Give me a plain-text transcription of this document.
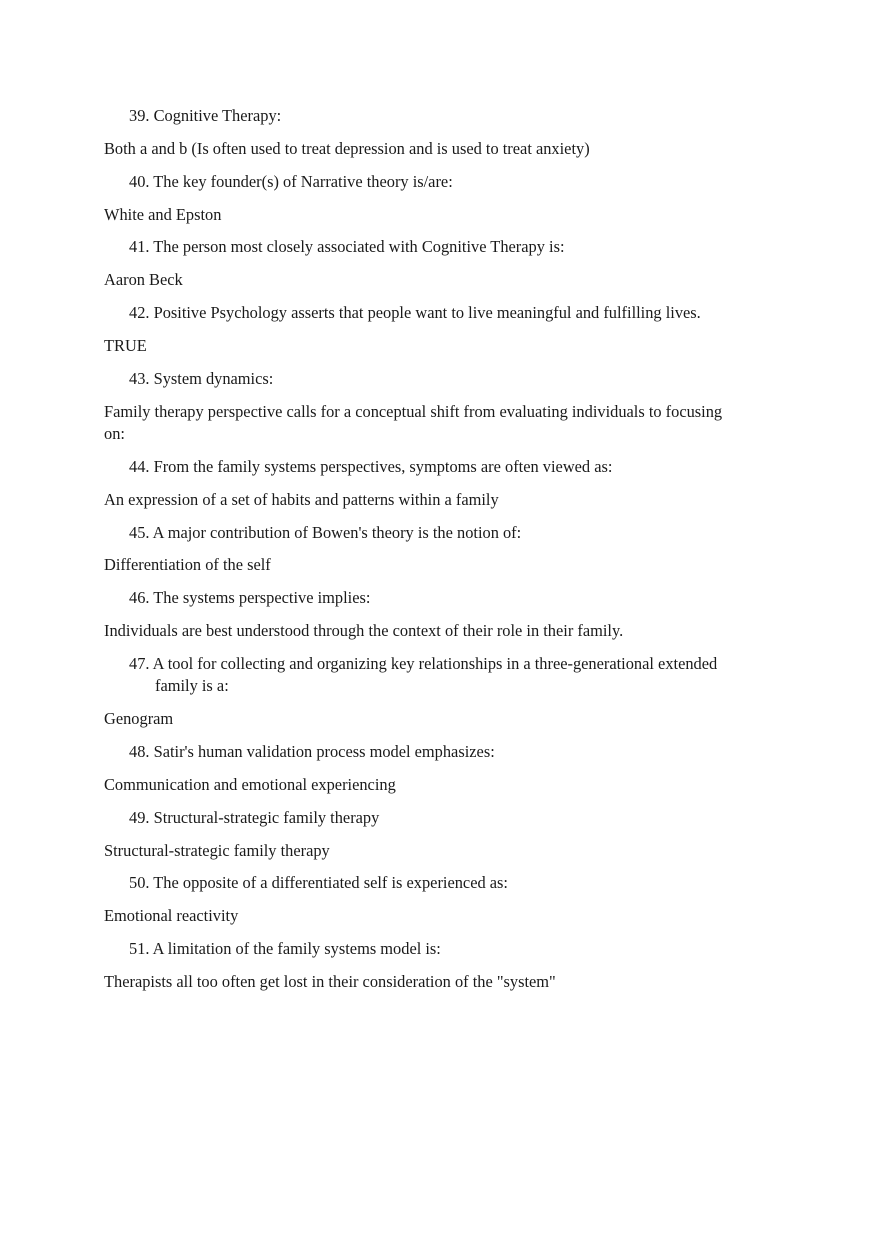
39. Cognitive Therapy:

Both a and b (Is often used to treat depression and is used to treat anxiety)

40. The key founder(s) of Narrative theory is/are:

White and Epston

41. The person most closely associated with Cognitive Therapy is:

Aaron Beck

42. Positive Psychology asserts that people want to live meaningful and fulfilling lives.

TRUE

43. System dynamics:

Family therapy perspective calls for a conceptual shift from evaluating individuals to focusing

on:

44. From the family systems perspectives, symptoms are often viewed as:

An expression of a set of habits and patterns within a family

45. A major contribution of Bowen's theory is the notion of:

Differentiation of the self

46. The systems perspective implies:

Individuals are best understood through the context of their role in their family.

47. A tool for collecting and organizing key relationships in a three-generational extended

family is a:

Genogram

48. Satir's human validation process model emphasizes:

Communication and emotional experiencing

49. Structural-strategic family therapy

Structural-strategic family therapy

50. The opposite of a differentiated self is experienced as:

Emotional reactivity

51. A limitation of the family systems model is:

Therapists all too often get lost in their consideration of the "system"
